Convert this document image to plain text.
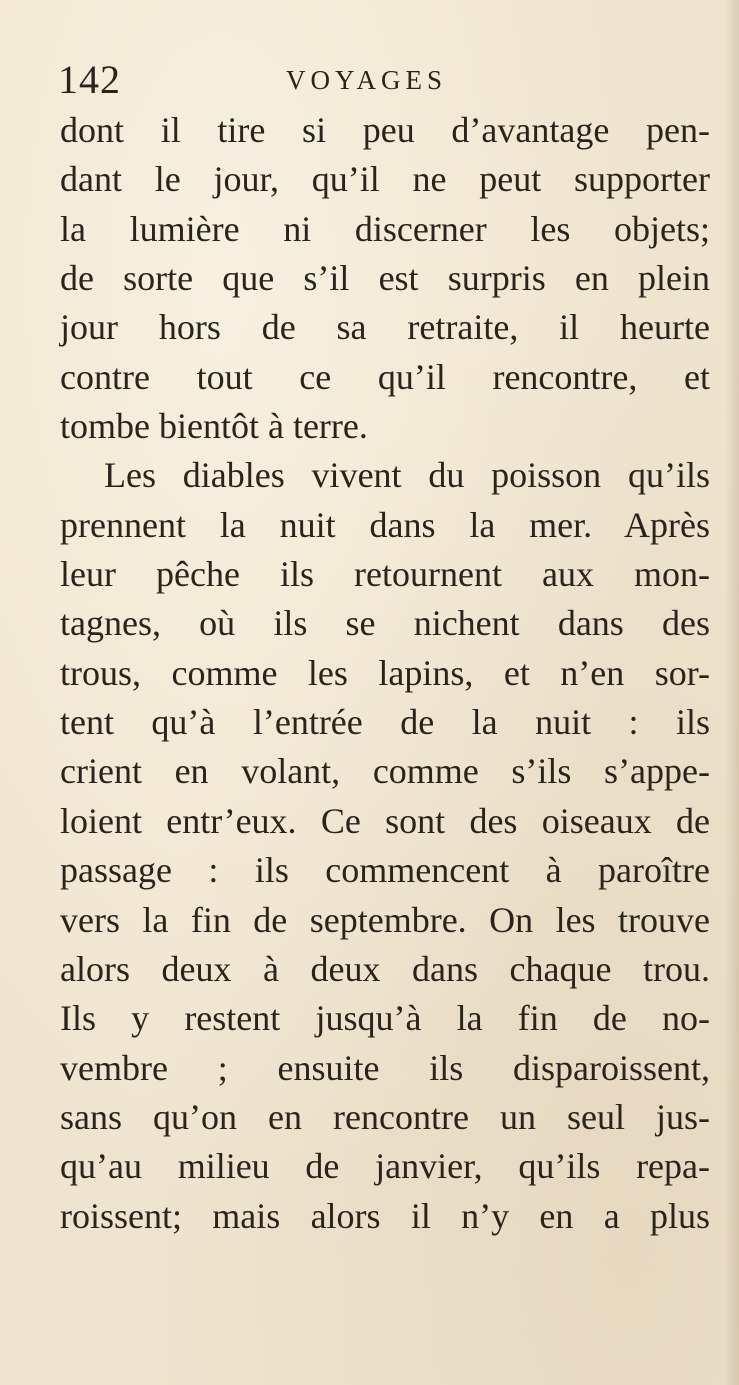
142	VOYAGES
dont il tire si peu d’avantage pen-
dant le jour, qu’il ne peut supporter
la lumière ni discerner les objets;
de sorte que s’il est surpris en plein
jour hors de sa retraite, il heurte
contre tout ce qu’il rencontre, et
tombe bientôt à terre.
Les diables vivent du poisson qu’ils
prennent la nuit dans la mer. Après
leur pêche ils retournent aux mon-
tagnes, où ils se nichent dans des
trous, comme les lapins, et n’en sor-
tent qu’à l’entrée de la nuit : ils
crient en volant, comme s’ils s’appe-
loient entr’eux. Ce sont des oiseaux de
passage : ils commencent à paroître
vers la fin de septembre. On les trouve
alors deux à deux dans chaque trou.
Ils y restent jusqu’à la fin de no-
vembre ; ensuite ils disparoissent,
sans qu’on en rencontre un seul jus-
qu’au milieu de janvier, qu’ils repa-
roissent; mais alors il n’y en a plus
